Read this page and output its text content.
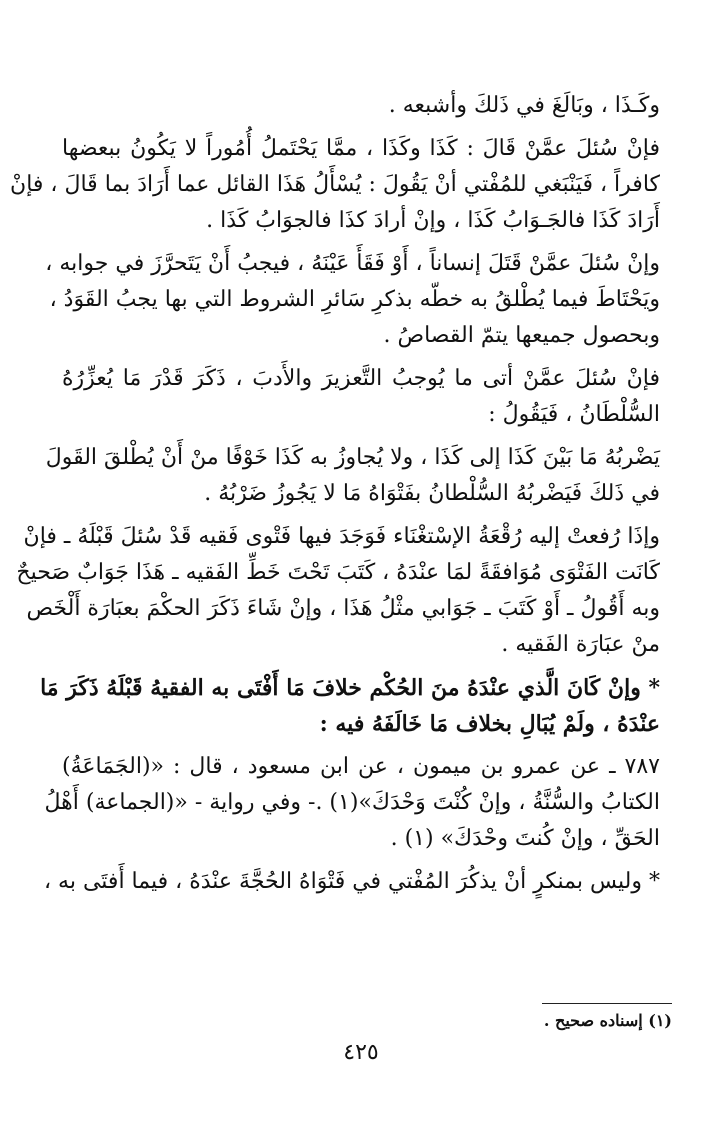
وكَـذَا ، وبَالَغَ في ذَلكَ وأشبعه .

فإنْ سُئلَ عمَّنْ قَالَ : كَذَا وكَذَا ، ممَّا يَحْتَملُ أُمُوراً لا يَكُونُ ببعضها
كافراً ، فَيَنْبَغي للمُفْتي أنْ يَقُولَ : يُسْأَلُ هَذَا القائل عما أَرَادَ بما قَالَ ، فإنْ
أَرَادَ كَذَا فالجَـوَابُ كَذَا ، وإنْ أرادَ كذَا فالجوَابُ كَذَا .

وإنْ سُئلَ عمَّنْ قَتَلَ إنساناً ، أَوْ فَقَأَ عَيْنَهُ ، فيجبُ أَنْ يَتَحرَّزَ في جوابه ،
ويَحْتَاطَ فيما يُطْلقُ به خطّه بذكرِ سَائرِ الشروط التي بها يجبُ القَوَدُ ،
وبحصول جميعها يتمّ القصاصُ .

فإنْ سُئلَ عمَّنْ أتى ما يُوجبُ التَّعزيرَ والأَدبَ ، ذَكَرَ قَدْرَ مَا يُعزِّرُهُ
السُّلْطَانُ ، فَيَقُولُ :

يَضْربُهُ مَا بَيْنَ كَذَا إلى كَذَا ، ولا يُجاوزُ به كَذَا خَوْفًا منْ أَنْ يُطْلقَ القَولَ
في ذَلكَ فَيَضْربُهُ السُّلْطانُ بفَتْوَاهُ مَا لا يَجُوزُ ضَرْبُهُ .

وإذَا رُفعتْ إليه رُقْعَةُ الإسْتغْنَاء فَوَجَدَ فيها فَتْوى فَقيه قَدْ سُئلَ قَبْلَهُ ـ فإنْ
كَانَت الفَتْوَى مُوَافقَةً لمَا عنْدَهُ ، كَتَبَ تَحْتَ خَطِّ الفَقيه ـ هَذَا جَوَابٌ صَحيحٌ
وبه أَقُولُ ـ أَوْ كَتَبَ ـ جَوَابي مثْلُ هَذَا ، وإنْ شَاءَ ذَكَرَ الحكْمَ بعبَارَة أَلْخَص
منْ عبَارَة الفَقيه .

* وإنْ كَانَ الَّذي عنْدَهُ منَ الحُكْم خلافَ مَا أَفْتَى به الفقيهُ قَبْلَهُ ذَكَرَ مَا
عنْدَهُ ، ولَمْ يُبَالِ بخلاف مَا خَالَفَهُ فيه :

٧٨٧ ـ عن عمرو بن ميمون ، عن ابن مسعود ، قال : «(الجَمَاعَةُ)
الكتابُ والسُّنَّةُ ، وإنْ كُنْتَ وَحْدَكَ»(١) .- وفي رواية - «(الجماعة) أَهْلُ
الحَقِّ ، وإنْ كُنتَ وحْدَكَ» (١) .

* وليس بمنكرٍ أنْ يذكُرَ المُفْتي في فَتْوَاهُ الحُجَّةَ عنْدَهُ ، فيما أَفتَى به ،

(١) إسناده صحيح .
٤٢٥
